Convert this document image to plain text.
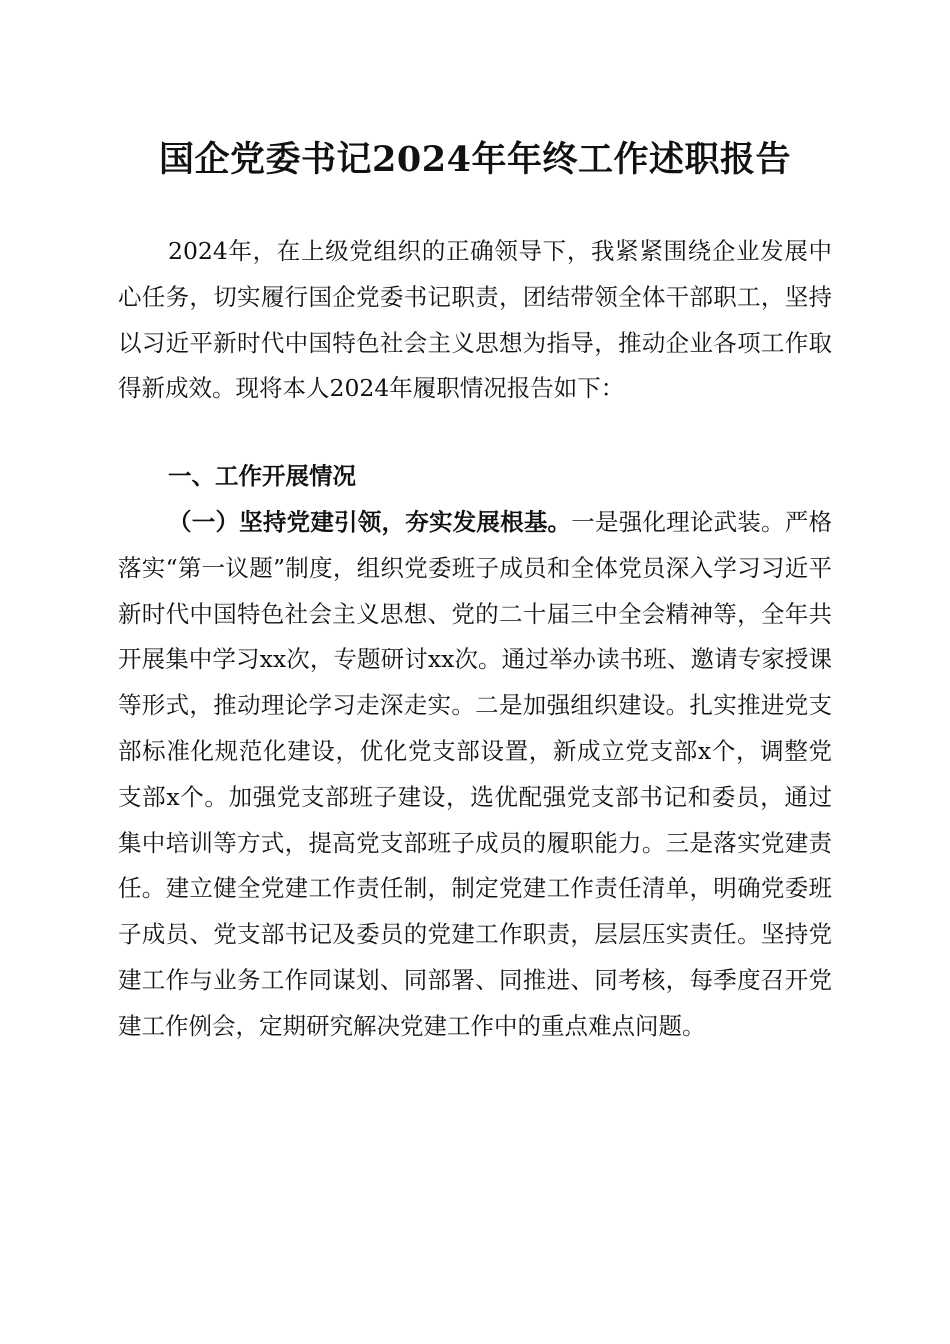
国企党委书记2024年年终工作述职报告

2024年，在上级党组织的正确领导下，我紧紧围绕企业发展中心任务，切实履行国企党委书记职责，团结带领全体干部职工，坚持以习近平新时代中国特色社会主义思想为指导，推动企业各项工作取得新成效。现将本人2024年履职情况报告如下：

一、工作开展情况

（一）坚持党建引领，夯实发展根基。一是强化理论武装。严格落实“第一议题”制度，组织党委班子成员和全体党员深入学习习近平新时代中国特色社会主义思想、党的二十届三中全会精神等，全年共开展集中学习xx次，专题研讨xx次。通过举办读书班、邀请专家授课等形式，推动理论学习走深走实。二是加强组织建设。扎实推进党支部标准化规范化建设，优化党支部设置，新成立党支部x个，调整党支部x个。加强党支部班子建设，选优配强党支部书记和委员，通过集中培训等方式，提高党支部班子成员的履职能力。三是落实党建责任。建立健全党建工作责任制，制定党建工作责任清单，明确党委班子成员、党支部书记及委员的党建工作职责，层层压实责任。坚持党建工作与业务工作同谋划、同部署、同推进、同考核，每季度召开党建工作例会，定期研究解决党建工作中的重点难点问题。
